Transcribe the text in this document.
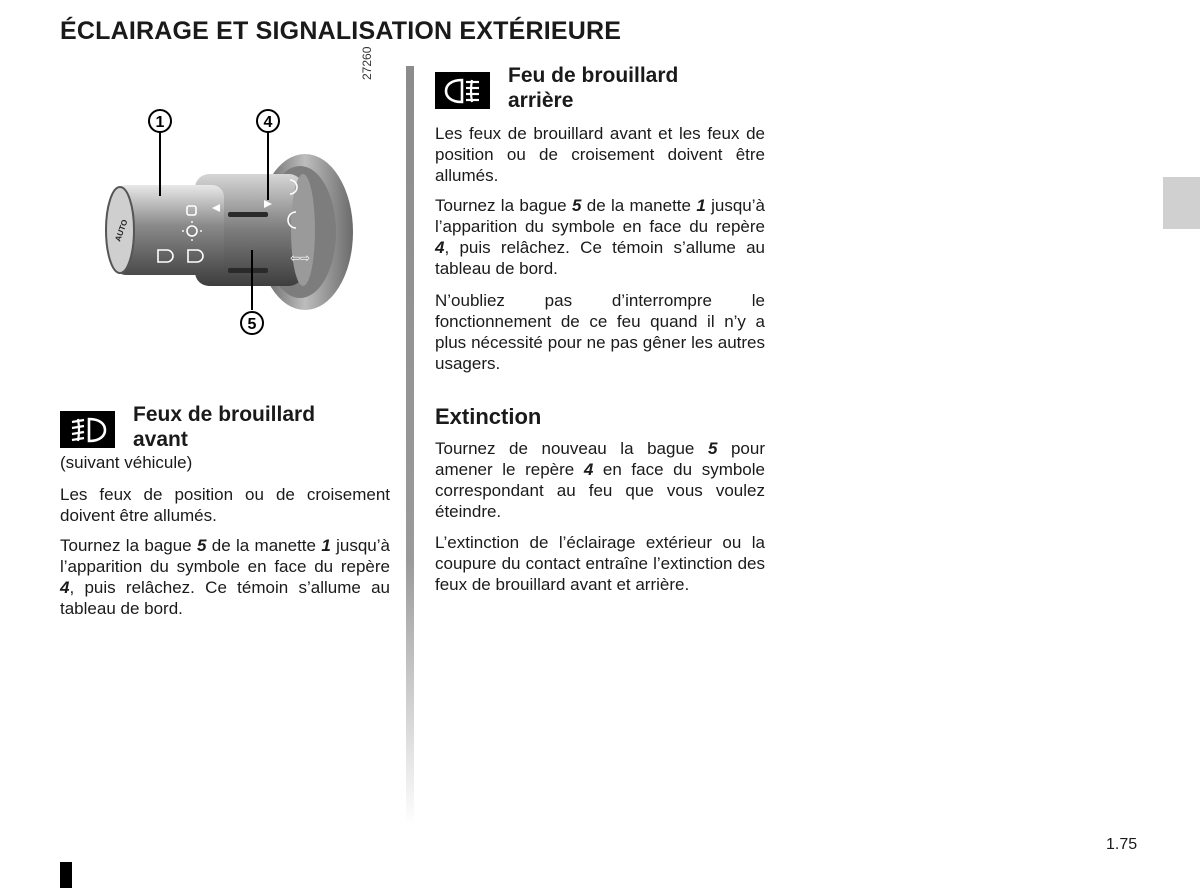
ÉCLAIRAGE ET SIGNALISATION EXTÉRIEURE
1.75
27260
AUTO
⇦⇨
1	4
5
Feux de brouillard
avant
(suivant véhicule)

Les feux de position ou de croisement doivent être allumés.

Tournez la bague 5 de la manette 1 jusqu’à l’apparition du symbole en face du repère 4, puis relâchez. Ce témoin s’allume au tableau de bord.

Feu de brouillard
arrière

Les feux de brouillard avant et les feux de position ou de croisement doivent être allumés.

Tournez la bague 5 de la manette 1 jusqu’à l’apparition du symbole en face du repère 4, puis relâchez. Ce témoin s’allume au tableau de bord.

N’oubliez pas d’interrompre le fonctionnement de ce feu quand il n’y a plus nécessité pour ne pas gêner les autres usagers.

Extinction

Tournez de nouveau la bague 5 pour amener le repère 4 en face du symbole correspondant au feu que vous voulez éteindre.

L’extinction de l’éclairage extérieur ou la coupure du contact entraîne l’extinction des feux de brouillard avant et arrière.
